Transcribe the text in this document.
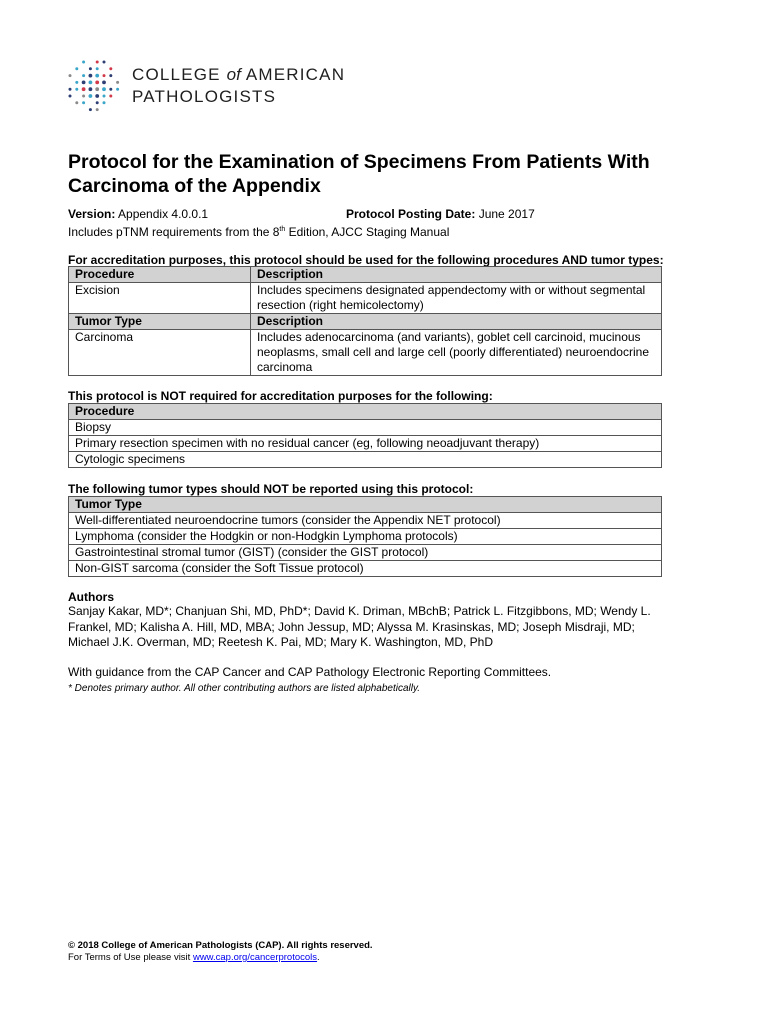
COLLEGE of AMERICAN
PATHOLOGISTS
Protocol for the Examination of Specimens From Patients With Carcinoma of the Appendix
Version: Appendix 4.0.0.1	Protocol Posting Date: June 2017
Includes pTNM requirements from the 8th Edition, AJCC Staging Manual
For accreditation purposes, this protocol should be used for the following procedures AND tumor types:
Procedure	Description
Excision	Includes specimens designated appendectomy with or without segmental resection (right hemicolectomy)
Tumor Type	Description
Carcinoma	Includes adenocarcinoma (and variants), goblet cell carcinoid, mucinous neoplasms, small cell and large cell (poorly differentiated) neuroendocrine carcinoma
This protocol is NOT required for accreditation purposes for the following:
Procedure
Biopsy
Primary resection specimen with no residual cancer (eg, following neoadjuvant therapy)
Cytologic specimens
The following tumor types should NOT be reported using this protocol:
Tumor Type
Well-differentiated neuroendocrine tumors (consider the Appendix NET protocol)
Lymphoma (consider the Hodgkin or non-Hodgkin Lymphoma protocols)
Gastrointestinal stromal tumor (GIST) (consider the GIST protocol)
Non-GIST sarcoma (consider the Soft Tissue protocol)
Authors
Sanjay Kakar, MD*; Chanjuan Shi, MD, PhD*; David K. Driman, MBchB; Patrick L. Fitzgibbons, MD; Wendy L.
Frankel, MD; Kalisha A. Hill, MD, MBA; John Jessup, MD; Alyssa M. Krasinskas, MD; Joseph Misdraji, MD;
Michael J.K. Overman, MD; Reetesh K. Pai, MD; Mary K. Washington, MD, PhD
With guidance from the CAP Cancer and CAP Pathology Electronic Reporting Committees.
* Denotes primary author. All other contributing authors are listed alphabetically.
© 2018 College of American Pathologists (CAP). All rights reserved.
For Terms of Use please visit www.cap.org/cancerprotocols.
